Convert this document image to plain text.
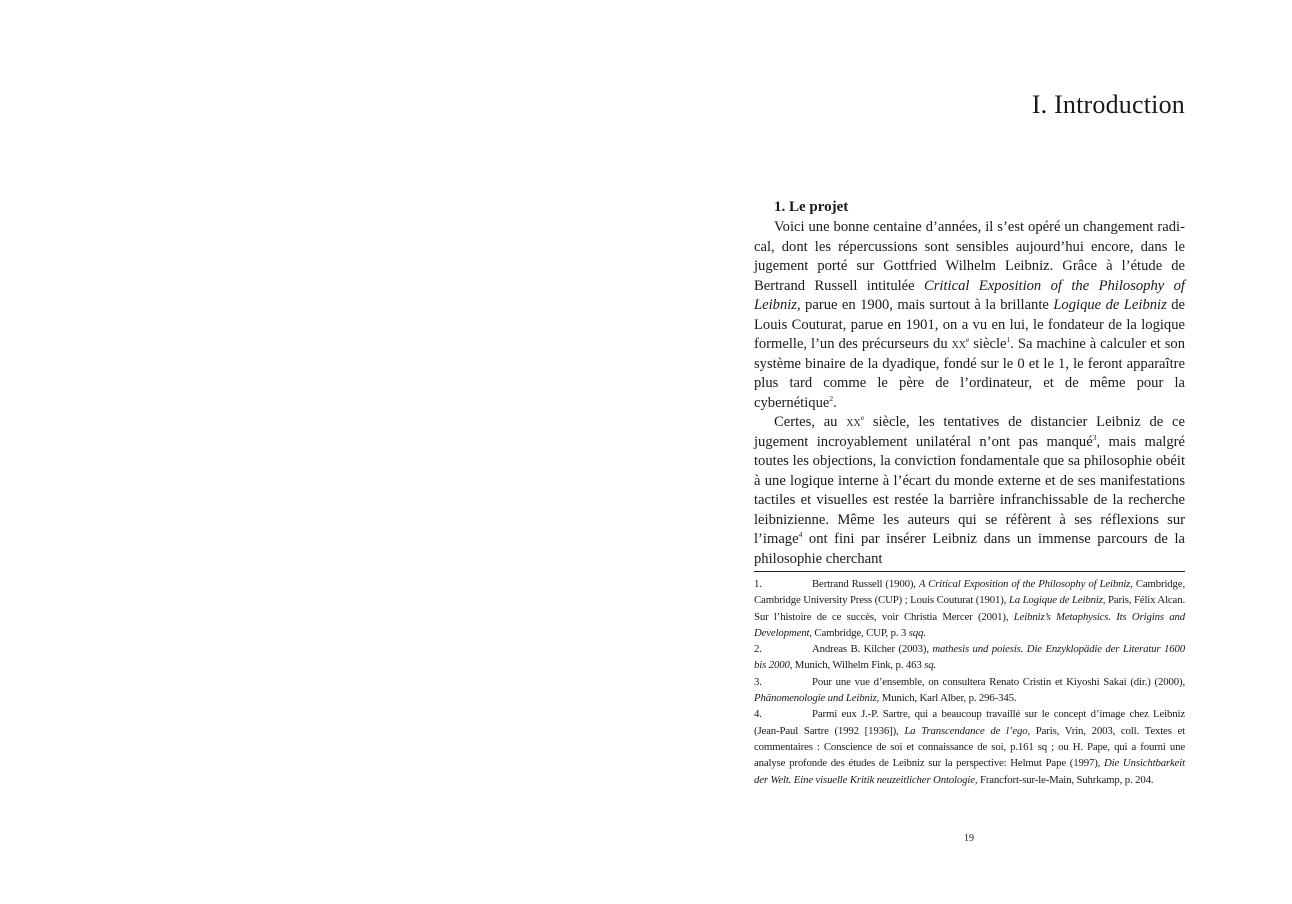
I. Introduction
1. Le projet

Voici une bonne centaine d’années, il s’est opéré un changement radical, dont les répercussions sont sensibles aujourd’hui encore, dans le jugement porté sur Gottfried Wilhelm Leibniz. Grâce à l’étude de Bertrand Russell intitulée Critical Exposition of the Philosophy of Leibniz, parue en 1900, mais surtout à la brillante Logique de Leibniz de Louis Couturat, parue en 1901, on a vu en lui, le fondateur de la logique formelle, l’un des précurseurs du $xx^e$ siècle$^1$. Sa machine à calculer et son système binaire de la dyadique, fondé sur le 0 et le 1, le feront apparaître plus tard comme le père de l’ordinateur, et de même pour la cybernétique$^2$.

Certes, au $xx^e$ siècle, les tentatives de distancier Leibniz de ce jugement incroyablement unilatéral n’ont pas manqué$^3$, mais malgré toutes les objections, la conviction fondamentale que sa philosophie obéit à une logique interne à l’écart du monde externe et de ses manifestations tactiles et visuelles est restée la barrière infranchissable de la recherche leibnizienne. Même les auteurs qui se réfèrent à ses réflexions sur l’image$^4$ ont fini par insérer Leibniz dans un immense parcours de la philosophie cherchant

1.	Bertrand Russell (1900), A Critical Exposition of the Philosophy of Leibniz, Cambridge, Cambridge University Press (CUP) ; Louis Couturat (1901), La Logique de Leibniz, Paris, Félix Alcan. Sur l’histoire de ce succès, voir Christia Mercer (2001), Leibniz’s Metaphysics. Its Origins and Development, Cambridge, CUP, p. 3 sqq.

2.	Andreas B. Kilcher (2003), mathesis und poiesis. Die Enzyklopädie der Literatur 1600 bis 2000, Munich, Wilhelm Fink, p. 463 sq.

3.	Pour une vue d’ensemble, on consultera Renato Cristin et Kiyoshi Sakai (dir.) (2000), Phänomenologie und Leibniz, Munich, Karl Alber, p. 296-345.

4.	Parmi eux J.-P. Sartre, qui a beaucoup travaillé sur le concept d’image chez Leibniz (Jean-Paul Sartre (1992 [1936]), La Transcendance de l’ego, Paris, Vrin, 2003, coll. Textes et commentaires : Conscience de soi et connaissance de soi, p.161 sq ; ou H. Pape, qui a fourni une analyse profonde des études de Leibniz sur la perspective: Helmut Pape (1997), Die Unsichtbarkeit der Welt. Eine visuelle Kritik neuzeitlicher Ontologie, Francfort-sur-le-Main, Suhrkamp, p. 204.

19
